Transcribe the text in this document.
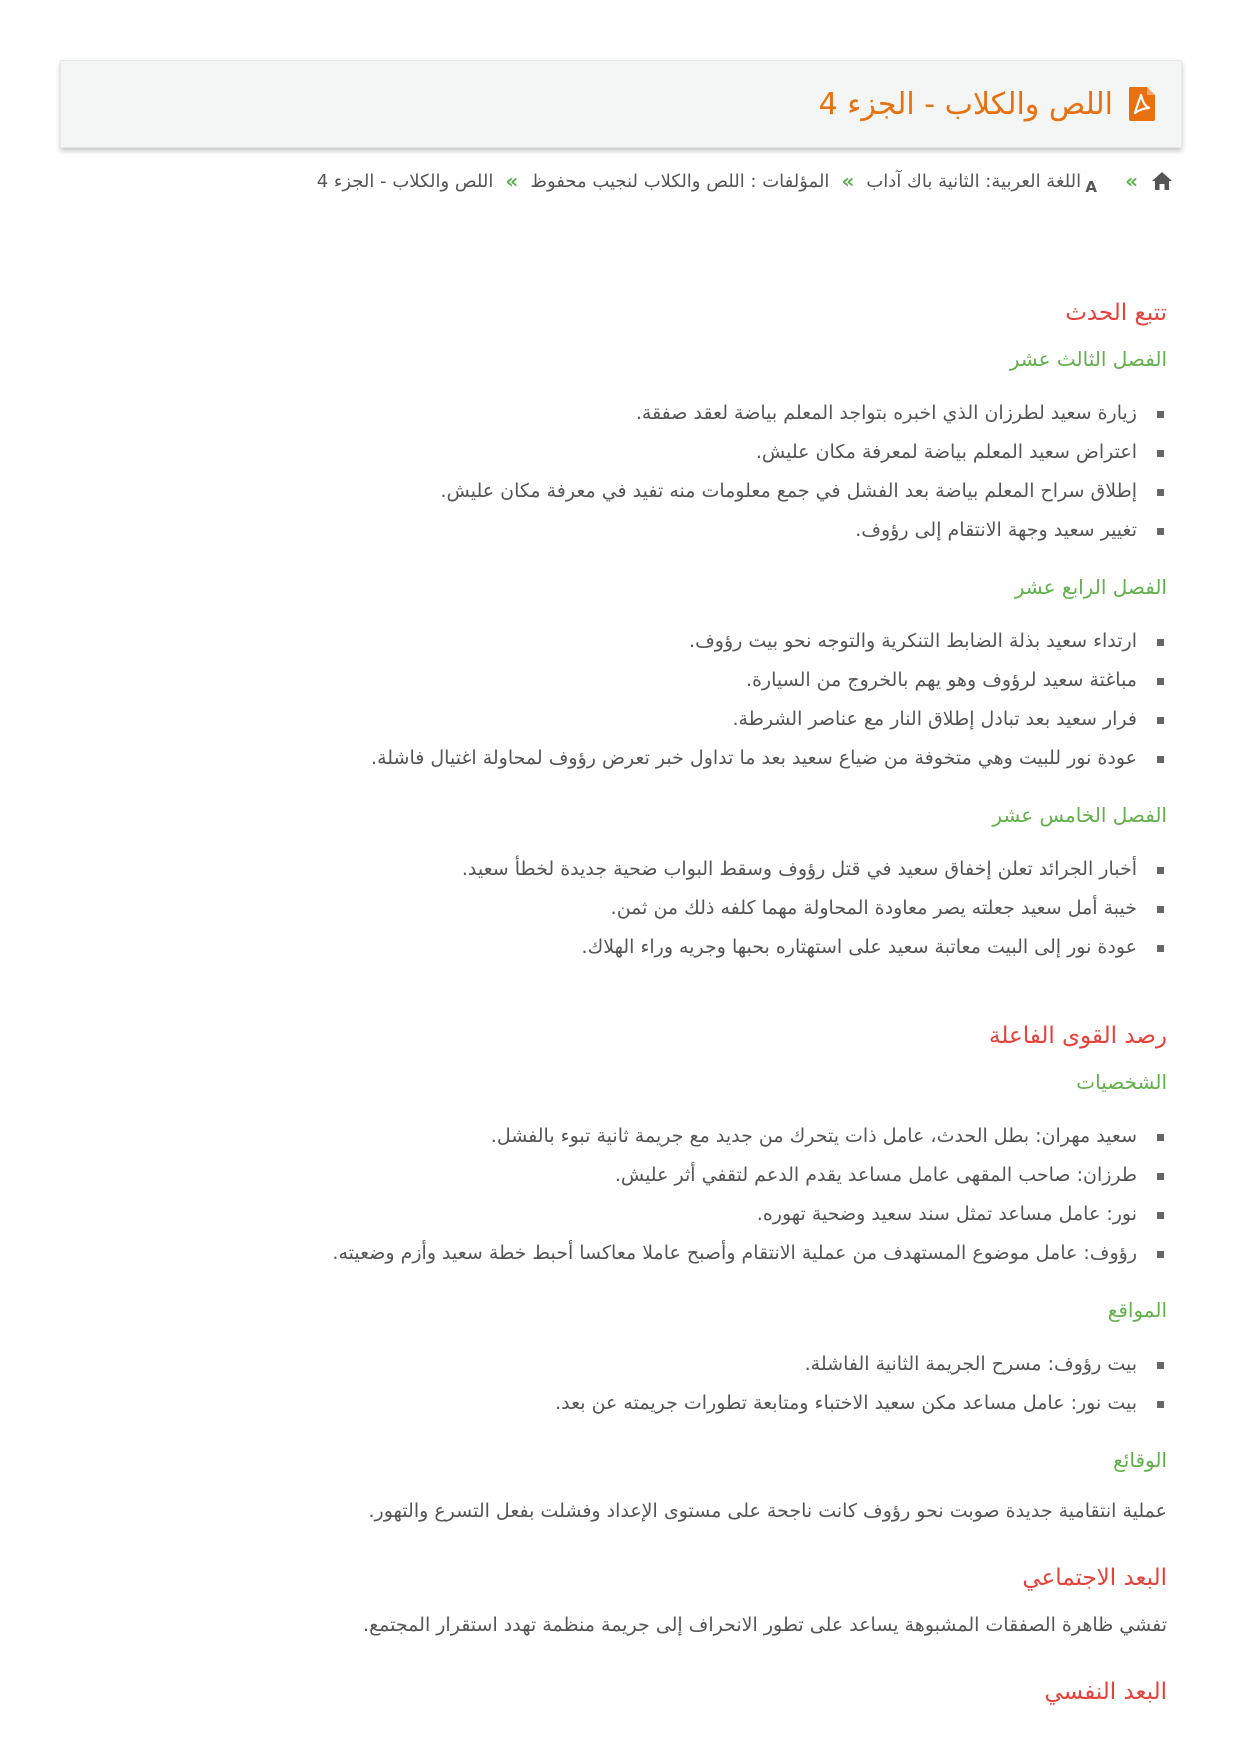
اللص والكلاب - الجزء 4
»
A
اللغة العربية: الثانية باك آداب
»
المؤلفات : اللص والكلاب لنجيب محفوظ
»
اللص والكلاب - الجزء 4
تتبع الحدث
الفصل الثالث عشر
زيارة سعيد لطرزان الذي اخبره بتواجد المعلم بياضة لعقد صفقة.
اعتراض سعيد المعلم بياضة لمعرفة مكان عليش.
إطلاق سراح المعلم بياضة بعد الفشل في جمع معلومات منه تفيد في معرفة مكان عليش.
تغيير سعيد وجهة الانتقام إلى رؤوف.
الفصل الرابع عشر
ارتداء سعيد بذلة الضابط التنكرية والتوجه نحو بيت رؤوف.
مباغتة سعيد لرؤوف وهو يهم بالخروج من السيارة.
فرار سعيد بعد تبادل إطلاق النار مع عناصر الشرطة.
عودة نور للبيت وهي متخوفة من ضياع سعيد بعد ما تداول خبر تعرض رؤوف لمحاولة اغتيال فاشلة.
الفصل الخامس عشر
أخبار الجرائد تعلن إخفاق سعيد في قتل رؤوف وسقط البواب ضحية جديدة لخطأ سعيد.
خيبة أمل سعيد جعلته يصر معاودة المحاولة مهما كلفه ذلك من ثمن.
عودة نور إلى البيت معاتبة سعيد على استهتاره بحبها وجريه وراء الهلاك.
رصد القوى الفاعلة
الشخصيات
سعيد مهران: بطل الحدث، عامل ذات يتحرك من جديد مع جريمة ثانية تبوء بالفشل.
طرزان: صاحب المقهى عامل مساعد يقدم الدعم لتقفي أثر عليش.
نور: عامل مساعد تمثل سند سعيد وضحية تهوره.
رؤوف: عامل موضوع المستهدف من عملية الانتقام وأصبح عاملا معاكسا أحبط خطة سعيد وأزم وضعيته.
المواقع
بيت رؤوف: مسرح الجريمة الثانية الفاشلة.
بيت نور: عامل مساعد مكن سعيد الاختباء ومتابعة تطورات جريمته عن بعد.
الوقائع

عملية انتقامية جديدة صوبت نحو رؤوف كانت ناجحة على مستوى الإعداد وفشلت بفعل التسرع والتهور.

البعد الاجتماعي

تفشي ظاهرة الصفقات المشبوهة يساعد على تطور الانحراف إلى جريمة منظمة تهدد استقرار المجتمع.

البعد النفسي
